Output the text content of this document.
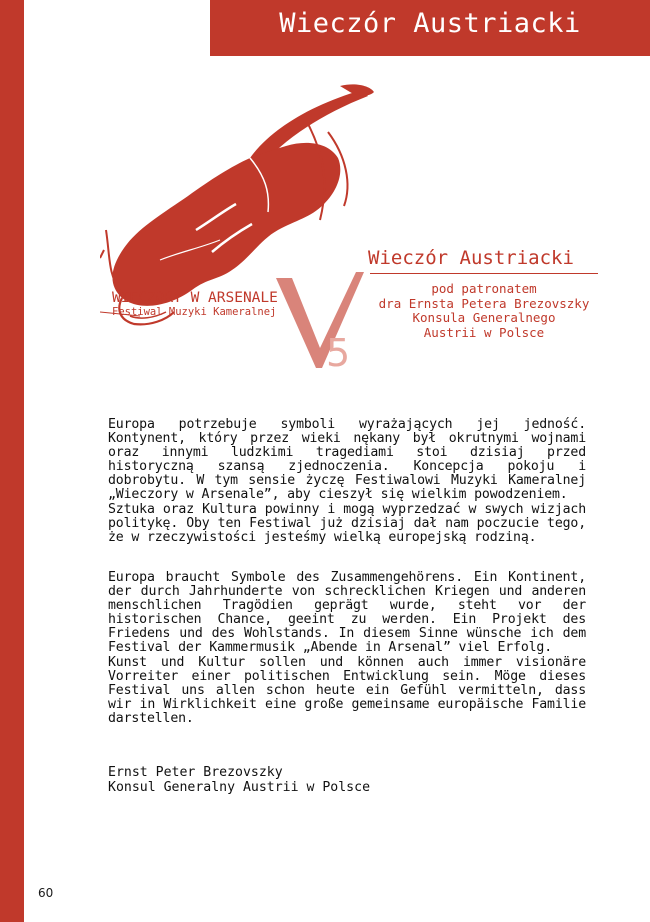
Wieczór Austriacki
5
WIECZORY W ARSENALE
Festiwal Muzyki Kameralnej
Wieczór Austriacki
pod patronatem
dra Ernsta Petera Brezovszky
Konsula Generalnego
Austrii w Polsce

Europa potrzebuje symboli wyrażających jej jedność. Kontynent, który przez wieki nękany był okrutnymi wojnami oraz innymi ludzkimi tragediami stoi dzisiaj przed historyczną szansą zjednoczenia. Koncepcja pokoju i dobrobytu. W tym sensie życzę Festiwalowi Muzyki Kameralnej „Wieczory w Arsenale”, aby cieszył się wielkim powodzeniem.

Sztuka oraz Kultura powinny i mogą wyprzedzać w swych wizjach politykę. Oby ten Festiwal już dzisiaj dał nam poczucie tego, że w rzeczywistości jesteśmy wielką europejską rodziną.

Europa braucht Symbole des Zusammengehörens. Ein Kontinent, der durch Jahrhunderte von schrecklichen Kriegen und anderen menschlichen Tragödien geprägt wurde, steht vor der historischen Chance, geeint zu werden. Ein Projekt des Friedens und des Wohlstands. In diesem Sinne wünsche ich dem Festival der Kammermusik „Abende in Arsenal” viel Erfolg.

Kunst und Kultur sollen und können auch immer visionäre Vorreiter einer politischen Entwicklung sein. Möge dieses Festival uns allen schon heute ein Gefühl vermitteln, dass wir in Wirklichkeit eine große gemeinsame europäische Familie darstellen.

Ernst Peter Brezovszky
Konsul Generalny Austrii w Polsce
60
